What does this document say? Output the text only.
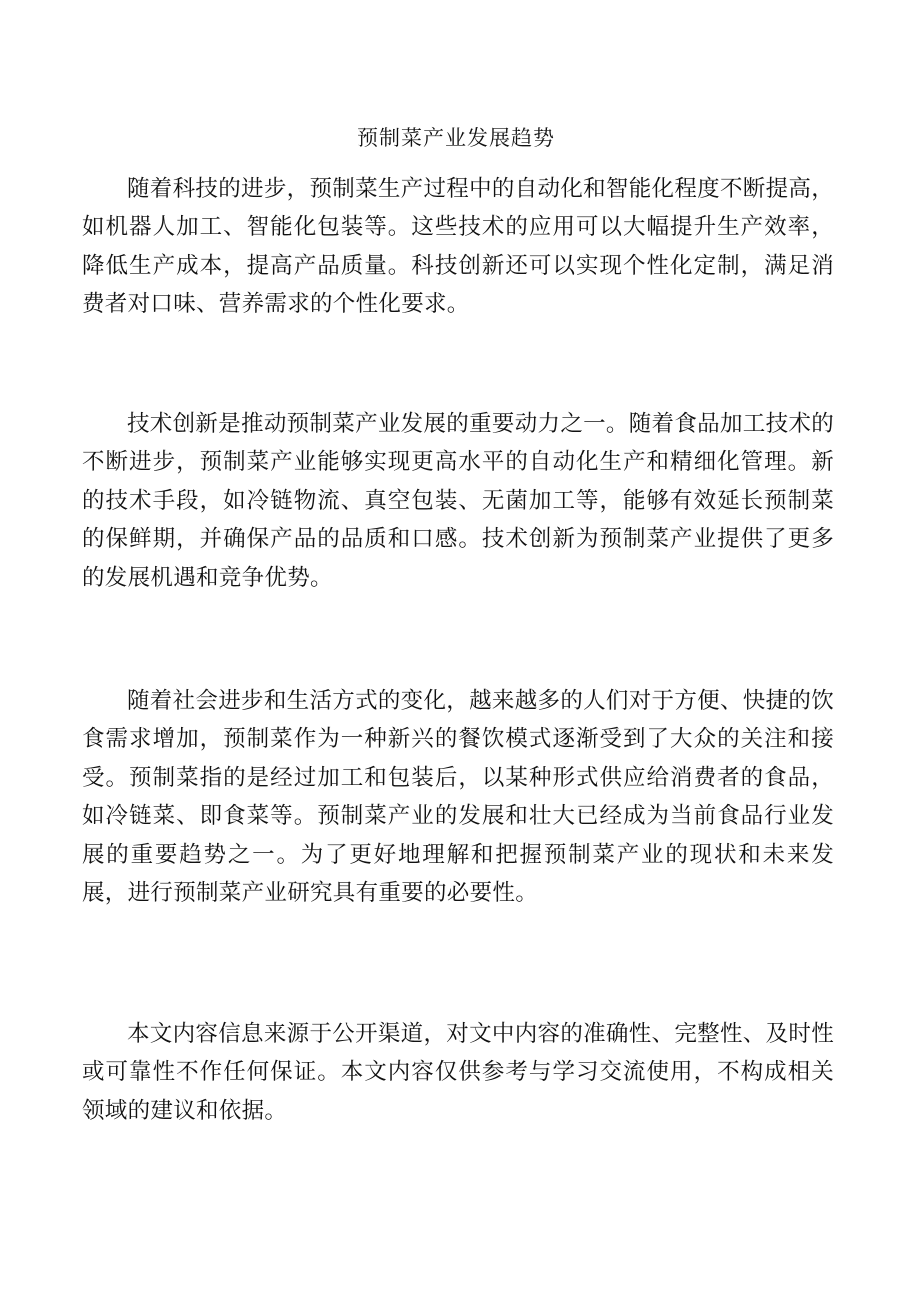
预制菜产业发展趋势

随着科技的进步，预制菜生产过程中的自动化和智能化程度不断提高，如机器人加工、智能化包装等。这些技术的应用可以大幅提升生产效率，降低生产成本，提高产品质量。科技创新还可以实现个性化定制，满足消费者对口味、营养需求的个性化要求。

技术创新是推动预制菜产业发展的重要动力之一。随着食品加工技术的不断进步，预制菜产业能够实现更高水平的自动化生产和精细化管理。新的技术手段，如冷链物流、真空包装、无菌加工等，能够有效延长预制菜的保鲜期，并确保产品的品质和口感。技术创新为预制菜产业提供了更多的发展机遇和竞争优势。

随着社会进步和生活方式的变化，越来越多的人们对于方便、快捷的饮食需求增加，预制菜作为一种新兴的餐饮模式逐渐受到了大众的关注和接受。预制菜指的是经过加工和包装后，以某种形式供应给消费者的食品，如冷链菜、即食菜等。预制菜产业的发展和壮大已经成为当前食品行业发展的重要趋势之一。为了更好地理解和把握预制菜产业的现状和未来发展，进行预制菜产业研究具有重要的必要性。

本文内容信息来源于公开渠道，对文中内容的准确性、完整性、及时性或可靠性不作任何保证。本文内容仅供参考与学习交流使用，不构成相关领域的建议和依据。
